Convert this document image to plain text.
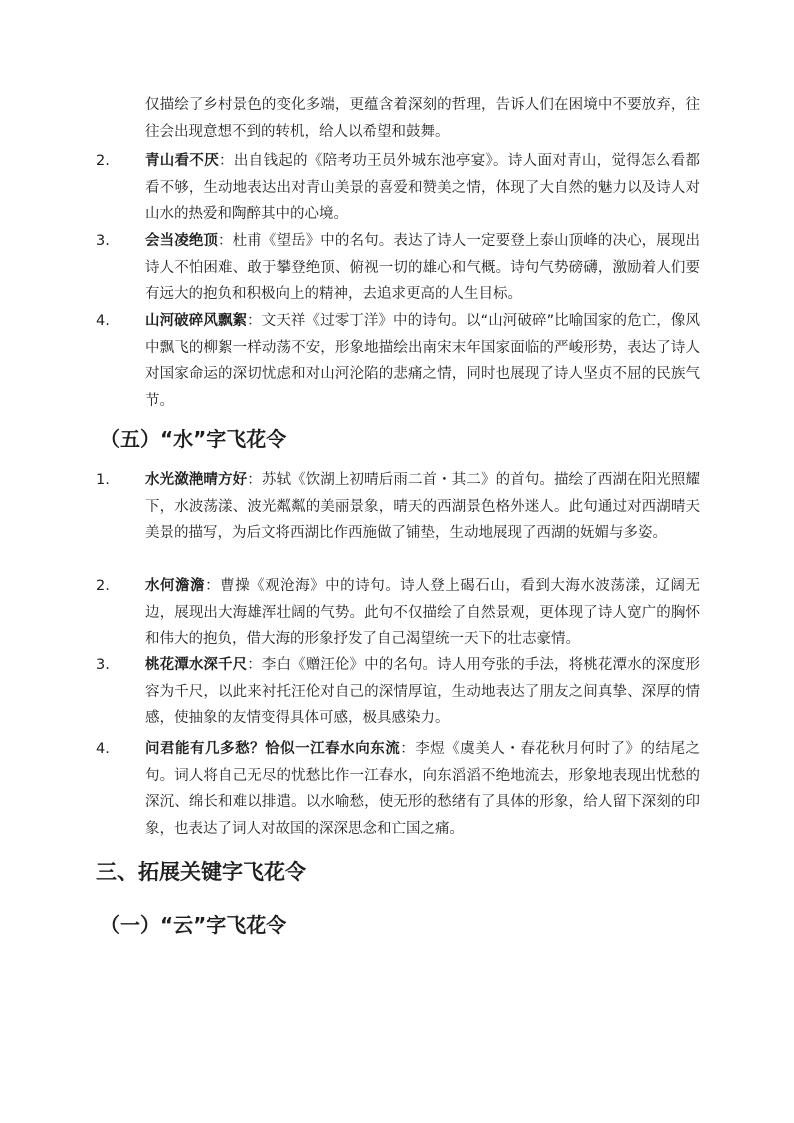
仅描绘了乡村景色的变化多端，更蕴含着深刻的哲理，告诉人们在困境中不要放弃，往往会出现意想不到的转机，给人以希望和鼓舞。

2. 青山看不厌：出自钱起的《陪考功王员外城东池亭宴》。诗人面对青山，觉得怎么看都看不够，生动地表达出对青山美景的喜爱和赞美之情，体现了大自然的魅力以及诗人对山水的热爱和陶醉其中的心境。

3. 会当凌绝顶：杜甫《望岳》中的名句。表达了诗人一定要登上泰山顶峰的决心，展现出诗人不怕困难、敢于攀登绝顶、俯视一切的雄心和气概。诗句气势磅礴，激励着人们要有远大的抱负和积极向上的精神，去追求更高的人生目标。

4. 山河破碎风飘絮：文天祥《过零丁洋》中的诗句。以“山河破碎”比喻国家的危亡，像风中飘飞的柳絮一样动荡不安，形象地描绘出南宋末年国家面临的严峻形势，表达了诗人对国家命运的深切忧虑和对山河沦陷的悲痛之情，同时也展现了诗人坚贞不屈的民族气节。

（五）“水”字飞花令
1. 水光潋滟晴方好：苏轼《饮湖上初晴后雨二首・其二》的首句。描绘了西湖在阳光照耀下，水波荡漾、波光粼粼的美丽景象，晴天的西湖景色格外迷人。此句通过对西湖晴天美景的描写，为后文将西湖比作西施做了铺垫，生动地展现了西湖的妩媚与多姿。

2. 水何澹澹：曹操《观沧海》中的诗句。诗人登上碣石山，看到大海水波荡漾，辽阔无边，展现出大海雄浑壮阔的气势。此句不仅描绘了自然景观，更体现了诗人宽广的胸怀和伟大的抱负，借大海的形象抒发了自己渴望统一天下的壮志豪情。

3. 桃花潭水深千尺：李白《赠汪伦》中的名句。诗人用夸张的手法，将桃花潭水的深度形容为千尺，以此来衬托汪伦对自己的深情厚谊，生动地表达了朋友之间真挚、深厚的情感，使抽象的友情变得具体可感，极具感染力。

4. 问君能有几多愁？恰似一江春水向东流：李煜《虞美人・春花秋月何时了》的结尾之句。词人将自己无尽的忧愁比作一江春水，向东滔滔不绝地流去，形象地表现出忧愁的深沉、绵长和难以排遣。以水喻愁，使无形的愁绪有了具体的形象，给人留下深刻的印象，也表达了词人对故国的深深思念和亡国之痛。

三、拓展关键字飞花令
（一）“云”字飞花令
